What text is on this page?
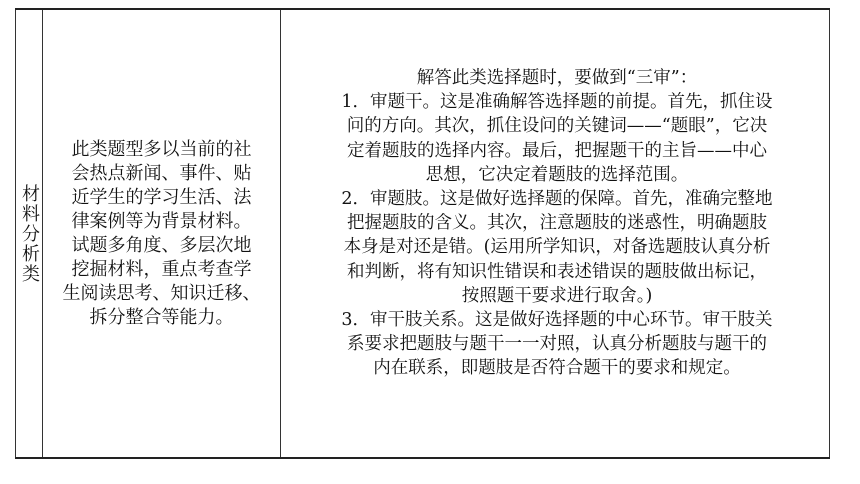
材料分析类

此类题型多以当前的社
会热点新闻、事件、贴
近学生的学习生活、法
律案例等为背景材料。
试题多角度、多层次地
挖掘材料，重点考查学
生阅读思考、知识迁移、
拆分整合等能力。

解答此类选择题时，要做到“三审”：
1．审题干。这是准确解答选择题的前提。首先，抓住设
问的方向。其次，抓住设问的关键词——“题眼”，它决
定着题肢的选择内容。最后，把握题干的主旨——中心
思想，它决定着题肢的选择范围。
2．审题肢。这是做好选择题的保障。首先，准确完整地
把握题肢的含义。其次，注意题肢的迷惑性，明确题肢
本身是对还是错。(运用所学知识，对备选题肢认真分析
和判断，将有知识性错误和表述错误的题肢做出标记，
按照题干要求进行取舍。)
3．审干肢关系。这是做好选择题的中心环节。审干肢关
系要求把题肢与题干一一对照，认真分析题肢与题干的
内在联系，即题肢是否符合题干的要求和规定。
